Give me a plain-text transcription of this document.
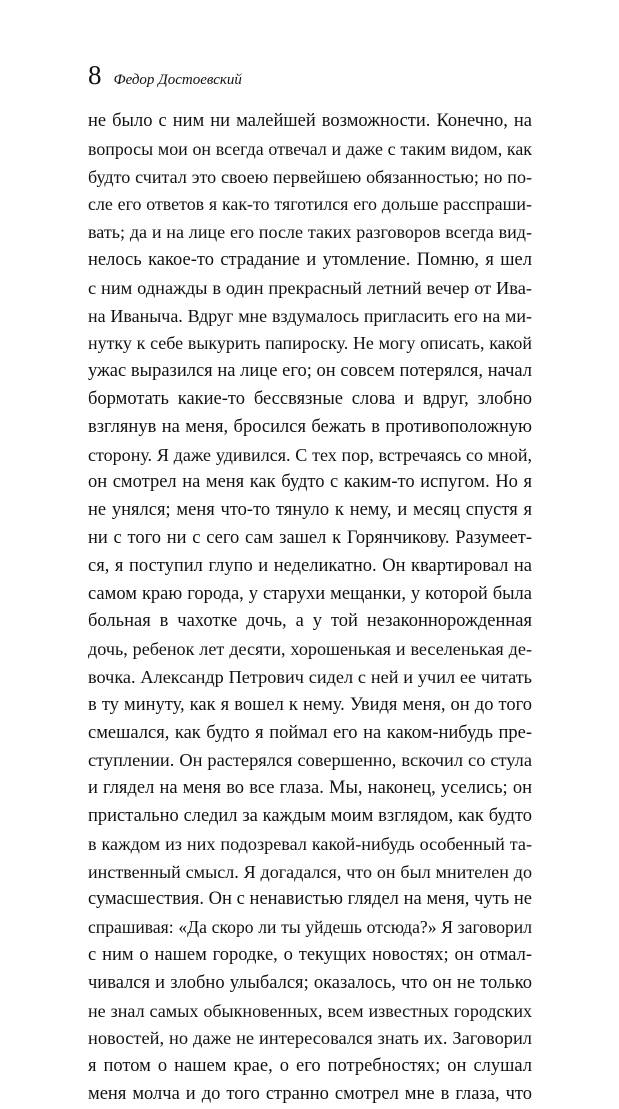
8 Федор Достоевский
не было с ним ни малейшей возможности. Конечно, на
вопросы мои он всегда отвечал и даже с таким видом, как
будто считал это своею первейшею обязанностью; но по-
сле его ответов я как-то тяготился его дольше расспраши-
вать; да и на лице его после таких разговоров всегда вид-
нелось какое-то страдание и утомление. Помню, я шел
с ним однажды в один прекрасный летний вечер от Ива-
на Иваныча. Вдруг мне вздумалось пригласить его на ми-
нутку к себе выкурить папироску. Не могу описать, какой
ужас выразился на лице его; он совсем потерялся, начал
бормотать какие-то бессвязные слова и вдруг, злобно
взглянув на меня, бросился бежать в противоположную
сторону. Я даже удивился. С тех пор, встречаясь со мной,
он смотрел на меня как будто с каким-то испугом. Но я
не унялся; меня что-то тянуло к нему, и месяц спустя я
ни с того ни с сего сам зашел к Горянчикову. Разумеет-
ся, я поступил глупо и неделикатно. Он квартировал на
самом краю города, у старухи мещанки, у которой была
больная в чахотке дочь, а у той незаконнорожденная
дочь, ребенок лет десяти, хорошенькая и веселенькая де-
вочка. Александр Петрович сидел с ней и учил ее читать
в ту минуту, как я вошел к нему. Увидя меня, он до того
смешался, как будто я поймал его на каком-нибудь пре-
ступлении. Он растерялся совершенно, вскочил со стула
и глядел на меня во все глаза. Мы, наконец, уселись; он
пристально следил за каждым моим взглядом, как будто
в каждом из них подозревал какой-нибудь особенный та-
инственный смысл. Я догадался, что он был мнителен до
сумасшествия. Он с ненавистью глядел на меня, чуть не
спрашивая: «Да скоро ли ты уйдешь отсюда?» Я заговорил
с ним о нашем городке, о текущих новостях; он отмал-
чивался и злобно улыбался; оказалось, что он не только
не знал самых обыкновенных, всем известных городских
новостей, но даже не интересовался знать их. Заговорил
я потом о нашем крае, о его потребностях; он слушал
меня молча и до того странно смотрел мне в глаза, что
